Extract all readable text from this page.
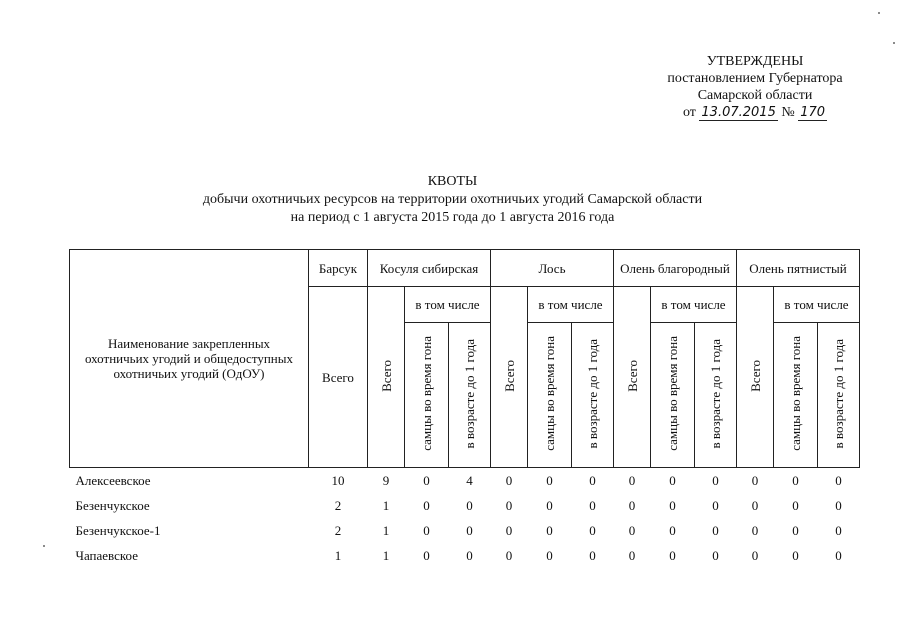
УТВЕРЖДЕНЫ
постановлением Губернатора
Самарской области
от 13.07.2015 № 170
КВОТЫ
добычи охотничьих ресурсов на территории охотничьих угодий Самарской области
на период с 1 августа 2015 года до 1 августа 2016 года
Наименование закрепленных охотничьих угодий и общедоступных охотничьих угодий (ОдОУ)	Барсук	Косуля сибирская			Лось			Олень благородный			Олень пятнистый		
	Всего	Всего	в том числе		Всего	в том числе		Всего	в том числе		Всего	в том числе	
			самцы во время гона	в возрасте до 1 года		самцы во время гона	в возрасте до 1 года		самцы во время гона	в возрасте до 1 года		самцы во время гона	в возрасте до 1 года
Алексеевское	10	9	0	4	0	0	0	0	0	0	0	0	0
Безенчукское	2	1	0	0	0	0	0	0	0	0	0	0	0
Безенчукское-1	2	1	0	0	0	0	0	0	0	0	0	0	0
Чапаевское	1	1	0	0	0	0	0	0	0	0	0	0	0
